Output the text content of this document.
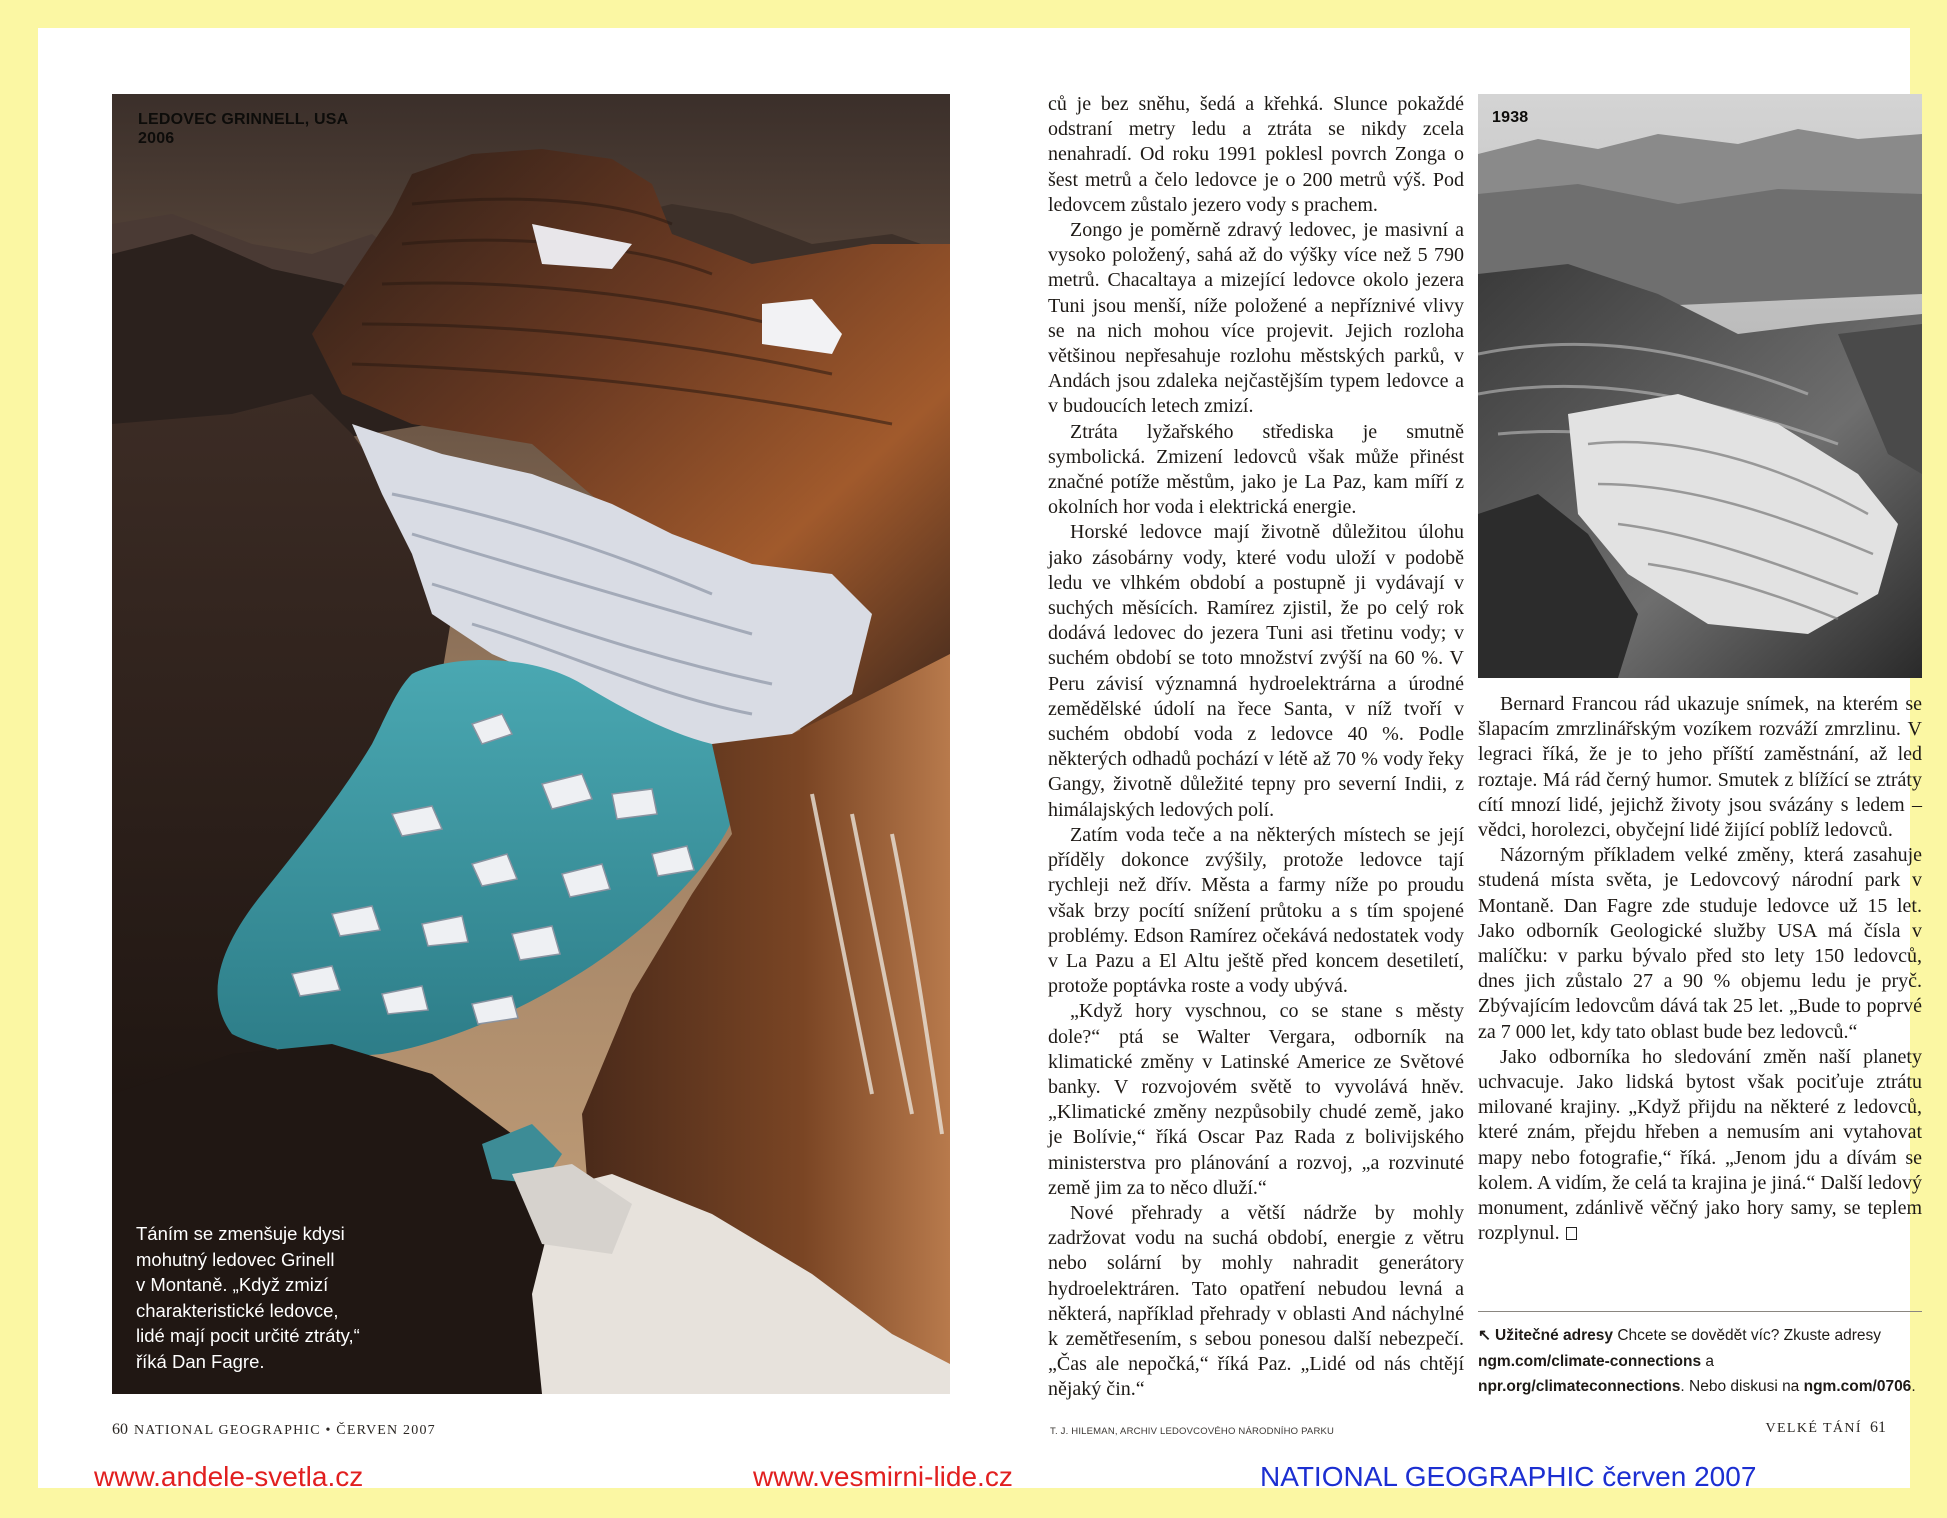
LEDOVEC GRINNELL, USA
2006
Táním se zmenšuje kdysi
mohutný ledovec Grinell
v Montaně. „Když zmizí
charakteristické ledovce,
lidé mají pocit určité ztráty,“
říká Dan Fagre.

ců je bez sněhu, šedá a křehká. Slunce pokaždé odstraní metry ledu a ztráta se nikdy zcela nenahradí. Od roku 1991 poklesl povrch Zonga o šest metrů a čelo ledovce je o 200 metrů výš. Pod ledovcem zůstalo jezero vody s prachem.

Zongo je poměrně zdravý ledovec, je masivní a vysoko položený, sahá až do výšky více než 5 790 metrů. Chacaltaya a mizející ledovce okolo jezera Tuni jsou menší, níže položené a nepříznivé vlivy se na nich mohou více projevit. Jejich rozloha většinou nepřesahuje rozlohu městských parků, v Andách jsou zdaleka nejčastějším typem ledovce a v budoucích letech zmizí.

Ztráta lyžařského střediska je smutně symbolická. Zmizení ledovců však může přinést značné potíže městům, jako je La Paz, kam míří z okolních hor voda i elektrická energie.

Horské ledovce mají životně důležitou úlohu jako zásobárny vody, které vodu uloží v podobě ledu ve vlhkém období a postupně ji vydávají v suchých měsících. Ramírez zjistil, že po celý rok dodává ledovec do jezera Tuni asi třetinu vody; v suchém období se toto množství zvýší na 60 %. V Peru závisí významná hydroelektrárna a úrodné zemědělské údolí na řece Santa, v níž tvoří v suchém období voda z ledovce 40 %. Podle některých odhadů pochází v létě až 70 % vody řeky Gangy, životně důležité tepny pro severní Indii, z himálajských ledových polí.

Zatím voda teče a na některých místech se její příděly dokonce zvýšily, protože ledovce tají rychleji než dřív. Města a farmy níže po proudu však brzy pocítí snížení průtoku a s tím spojené problémy. Edson Ramírez očekává nedostatek vody v La Pazu a El Altu ještě před koncem desetiletí, protože poptávka roste a vody ubývá.

„Když hory vyschnou, co se stane s městy dole?“ ptá se Walter Vergara, odborník na klimatické změny v Latinské Americe ze Světové banky. V rozvojovém světě to vyvolává hněv. „Klimatické změny nezpůsobily chudé země, jako je Bolívie,“ říká Oscar Paz Rada z bolivijského ministerstva pro plánování a rozvoj, „a rozvinuté země jim za to něco dluží.“

Nové přehrady a větší nádrže by mohly zadržovat vodu na suchá období, energie z větru nebo solární by mohly nahradit generátory hydroelektráren. Tato opatření nebudou levná a některá, například přehrady v oblasti And náchylné k zemětřesením, s sebou ponesou další nebezpečí. „Čas ale nepočká,“ říká Paz. „Lidé od nás chtějí nějaký čin.“

1938

Bernard Francou rád ukazuje snímek, na kterém se šlapacím zmrzlinářským vozíkem rozváží zmrzlinu. V legraci říká, že je to jeho příští zaměstnání, až led roztaje. Má rád černý humor. Smutek z blížící se ztráty cítí mnozí lidé, jejichž životy jsou svázány s ledem – vědci, horolezci, obyčejní lidé žijící poblíž ledovců.

Názorným příkladem velké změny, která zasahuje studená místa světa, je Ledovcový národní park v Montaně. Dan Fagre zde studuje ledovce už 15 let. Jako odborník Geologické služby USA má čísla v malíčku: v parku bývalo před sto lety 150 ledovců, dnes jich zůstalo 27 a 90 % objemu ledu je pryč. Zbývajícím ledovcům dává tak 25 let. „Bude to poprvé za 7 000 let, kdy tato oblast bude bez ledovců.“

Jako odborníka ho sledování změn naší planety uchvacuje. Jako lidská bytost však pociťuje ztrátu milované krajiny. „Když přijdu na některé z ledovců, které znám, přejdu hřeben a nemusím ani vytahovat mapy nebo fotografie,“ říká. „Jenom jdu a dívám se kolem. A vidím, že celá ta krajina je jiná.“ Další ledový monument, zdánlivě věčný jako hory samy, se teplem rozplynul.

↖ Užitečné adresy Chcete se dovědět víc? Zkuste adresy ngm.com/climate-connections a npr.org/climateconnections. Nebo diskusi na ngm.com/0706.
60 NATIONAL GEOGRAPHIC • ČERVEN 2007	T. J. HILEMAN, ARCHIV LEDOVCOVÉHO NÁRODNÍHO PARKU	VELKÉ TÁNÍ 61
www.andele-svetla.cz	www.vesmirni-lide.cz	NATIONAL GEOGRAPHIC červen 2007
